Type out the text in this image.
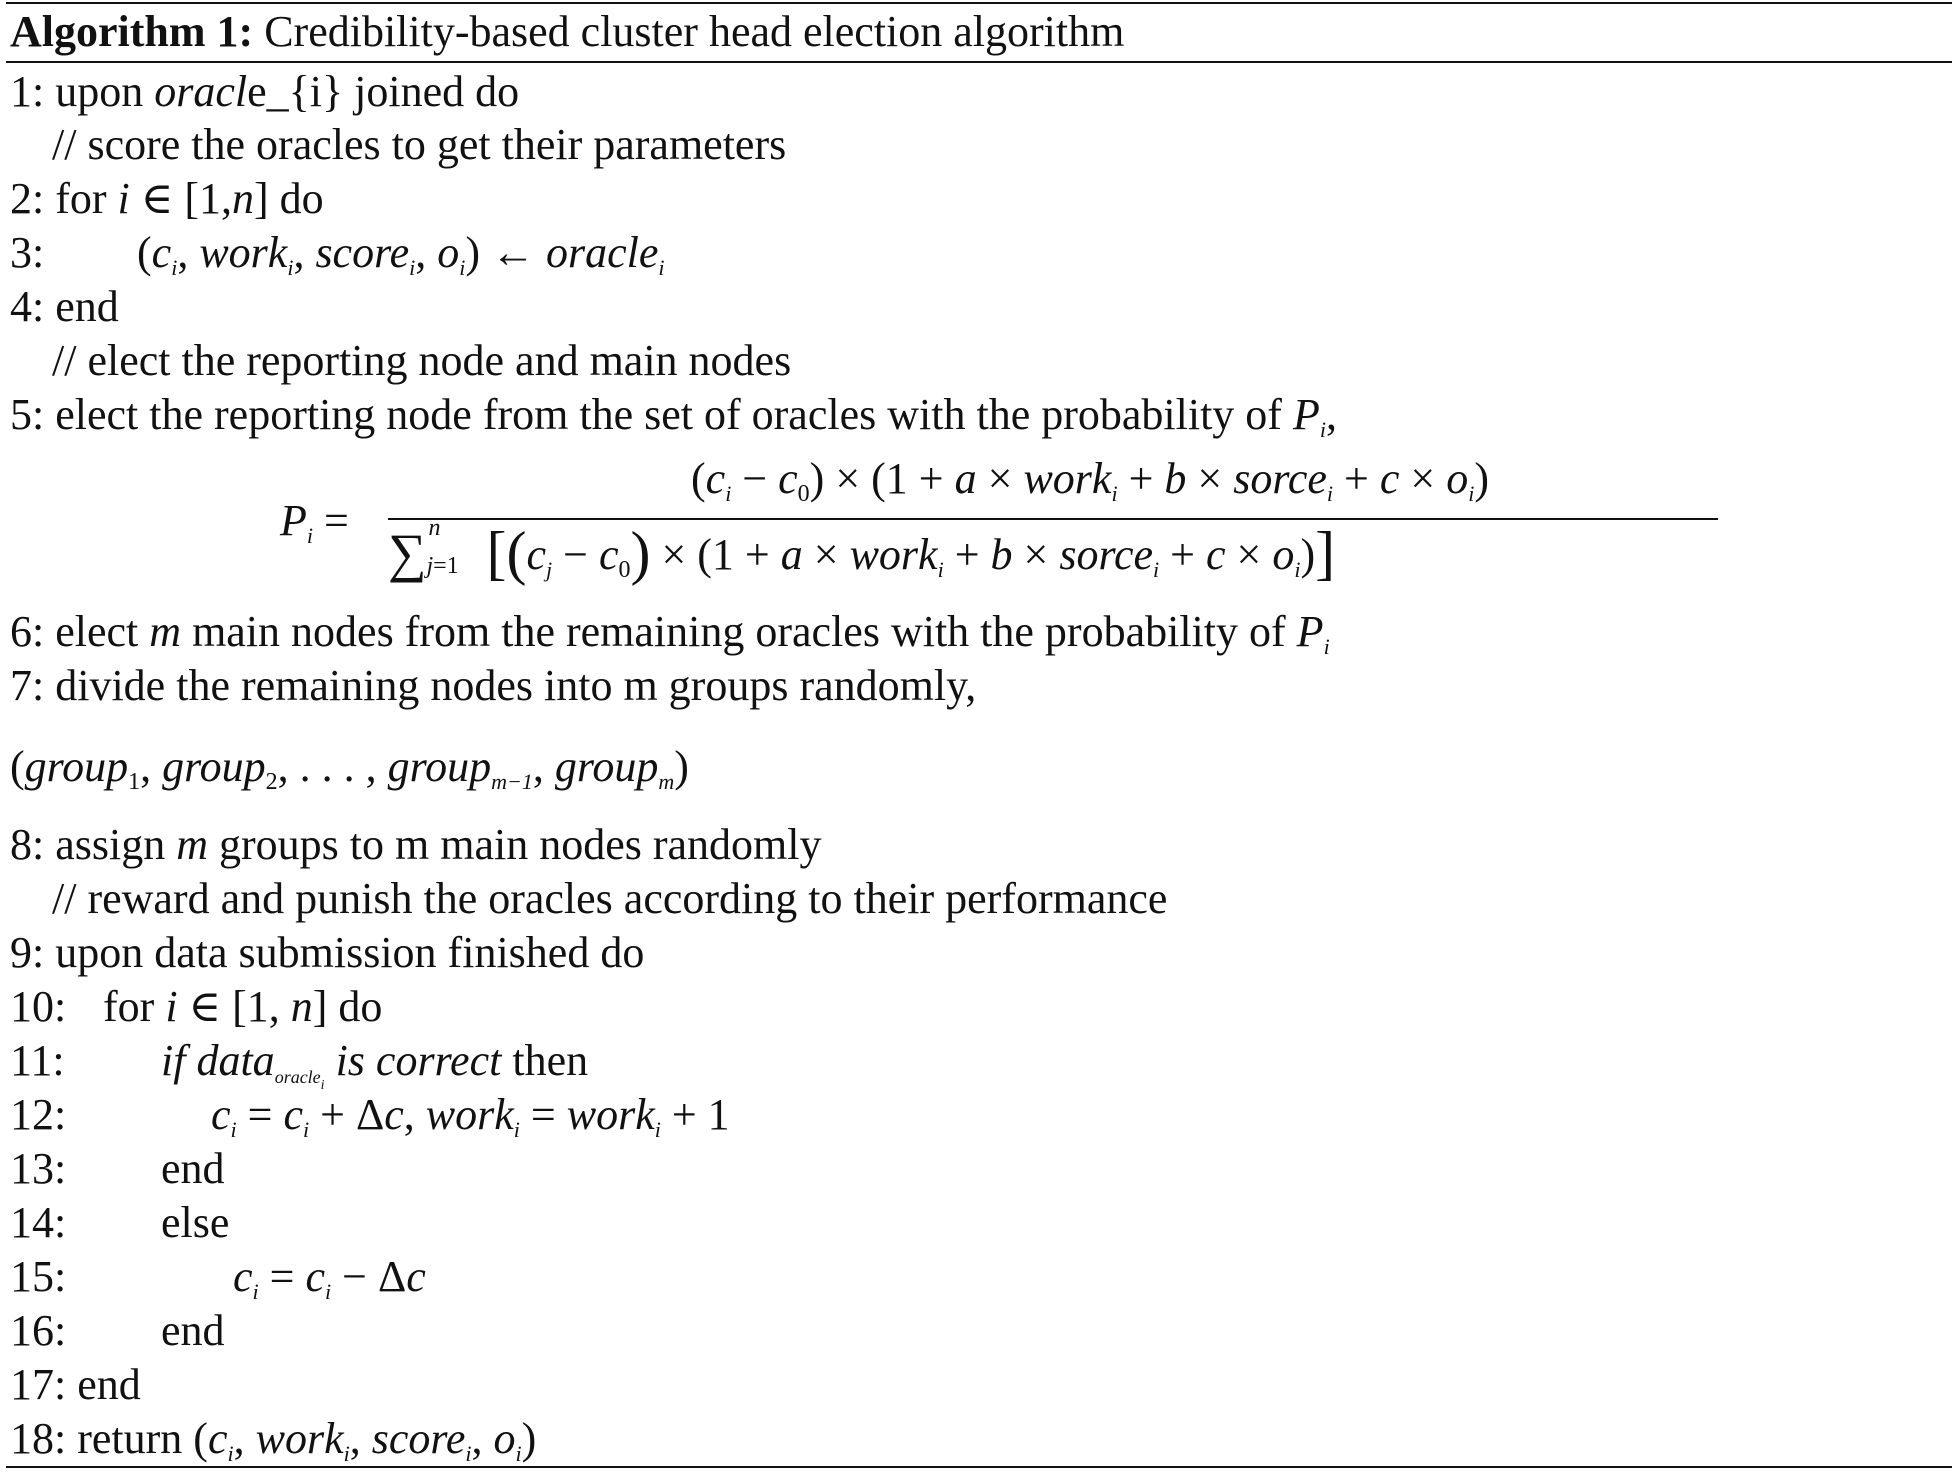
Algorithm 1: Credibility-based cluster head election algorithm
1: upon oracle_{i} joined do
// score the oracles to get their parameters
2: for i ∈ [1,n] do
3: ($c_i$, work$_i$, score$_i$, $o_i$) ← oracle$_i$
4: end
// elect the reporting node and main nodes
5: elect the reporting node from the set of oracles with the probability of $P_i$,
$P_i$ =
$(c_i - c_0) \times (1 + a$ × work$_i$ + b × sorce$_i$ + $c \times o_i$)
∑ n
j=1 [$(c_j - c_0) \times (1 + a$ × work$_i$ + b × sorce$_i$ + $c \times o_i$)]
6: elect m main nodes from the remaining oracles with the probability of $P_i$
7: divide the remaining nodes into m groups randomly,
(group$_1$, group$_2$, . . . , group$_{m-1}$, group$_m$)
8: assign m groups to m main nodes randomly
// reward and punish the oracles according to their performance
9: upon data submission finished do
10: for i ∈ [1, n] do
11: if data$_{oracle_i}$ is correct then
12:	$c_i = c_i + \Delta c$, work$_i$ = work$_i$ + 1
13: end
14: else
15:	$c_i = c_i - \Delta c$
16: end
17: end
18: return ($c_i$, work$_i$, score$_i$, $o_i$)
